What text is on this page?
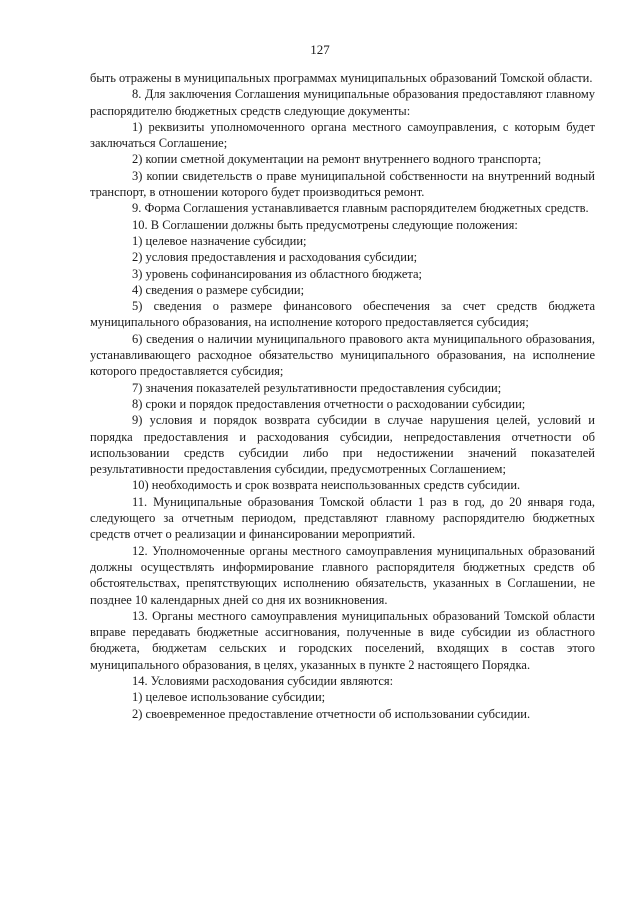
127

быть отражены в муниципальных программах муниципальных образований Томской области.

8. Для заключения Соглашения муниципальные образования предоставляют главному распорядителю бюджетных средств следующие документы:

1) реквизиты уполномоченного органа местного самоуправления, с которым будет заключаться Соглашение;

2) копии сметной документации на ремонт внутреннего водного транспорта;

3) копии свидетельств о праве муниципальной собственности на внутренний водный транспорт, в отношении которого будет производиться ремонт.

9. Форма Соглашения устанавливается главным распорядителем бюджетных средств.

10. В Соглашении должны быть предусмотрены следующие положения:

1) целевое назначение субсидии;

2) условия предоставления и расходования субсидии;

3) уровень софинансирования из областного бюджета;

4) сведения о размере субсидии;

5) сведения о размере финансового обеспечения за счет средств бюджета муниципального образования, на исполнение которого предоставляется субсидия;

6) сведения о наличии муниципального правового акта муниципального образования, устанавливающего расходное обязательство муниципального образования, на исполнение которого предоставляется субсидия;

7) значения показателей результативности предоставления субсидии;

8) сроки и порядок предоставления отчетности о расходовании субсидии;

9) условия и порядок возврата субсидии в случае нарушения целей, условий и порядка предоставления и расходования субсидии, непредоставления отчетности об использовании средств субсидии либо при недостижении значений показателей результативности предоставления субсидии, предусмотренных Соглашением;

10) необходимость и срок возврата неиспользованных средств субсидии.

11. Муниципальные образования Томской области 1 раз в год, до 20 января года, следующего за отчетным периодом, представляют главному распорядителю бюджетных средств отчет о реализации и финансировании мероприятий.

12. Уполномоченные органы местного самоуправления муниципальных образований должны осуществлять информирование главного распорядителя бюджетных средств об обстоятельствах, препятствующих исполнению обязательств, указанных в Соглашении, не позднее 10 календарных дней со дня их возникновения.

13. Органы местного самоуправления муниципальных образований Томской области вправе передавать бюджетные ассигнования, полученные в виде субсидии из областного бюджета, бюджетам сельских и городских поселений, входящих в состав этого муниципального образования, в целях, указанных в пункте 2 настоящего Порядка.

14. Условиями расходования субсидии являются:

1) целевое использование субсидии;

2) своевременное предоставление отчетности об использовании субсидии.
